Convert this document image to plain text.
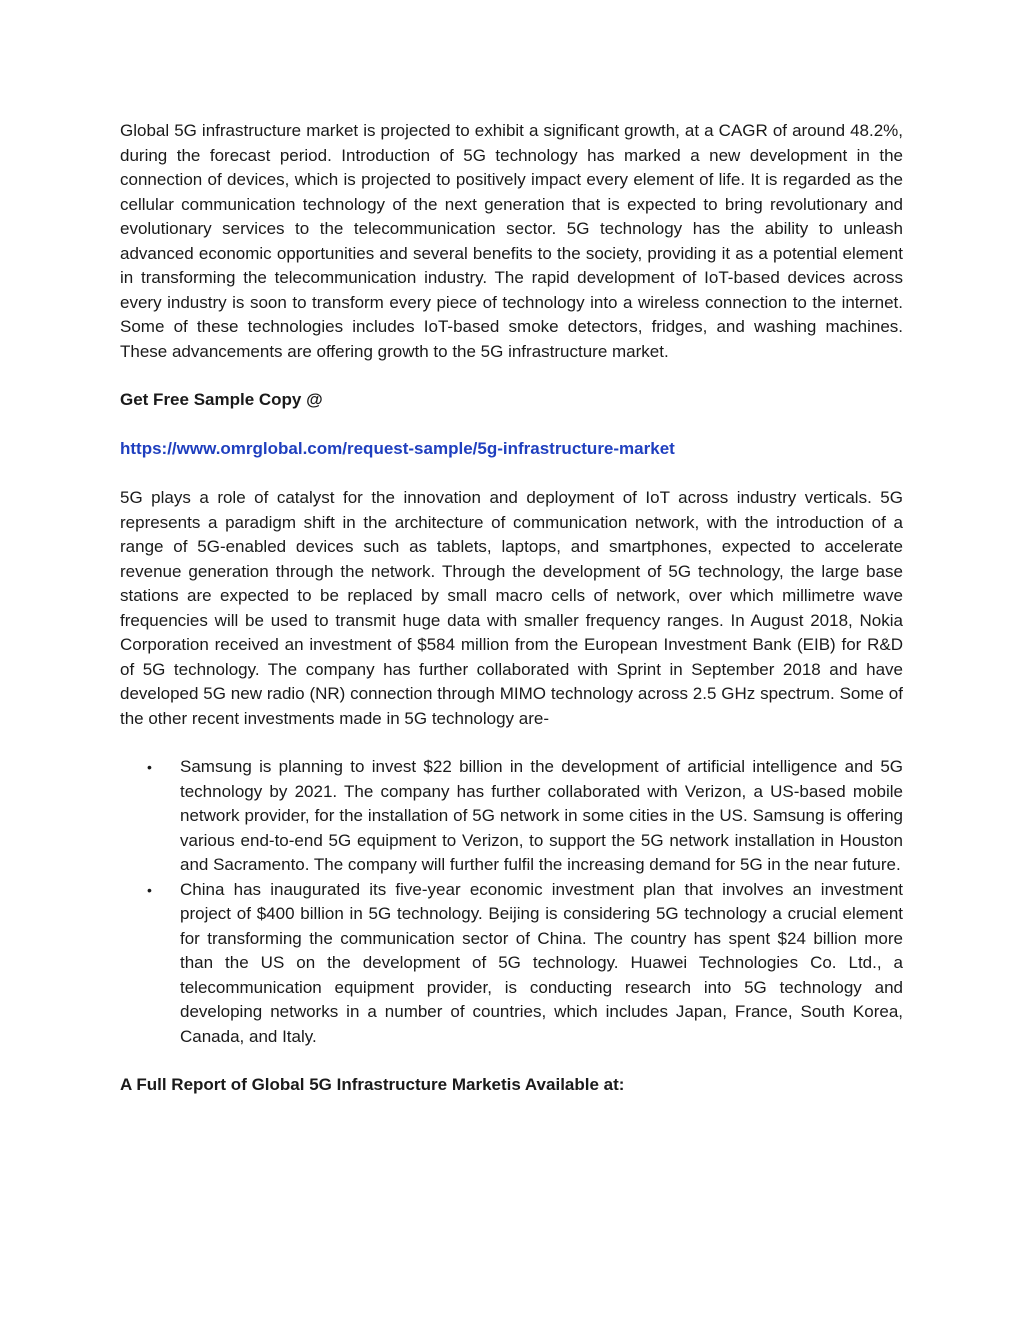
Global 5G infrastructure market is projected to exhibit a significant growth, at a CAGR of around 48.2%, during the forecast period. Introduction of 5G technology has marked a new development in the connection of devices, which is projected to positively impact every element of life. It is regarded as the cellular communication technology of the next generation that is expected to bring revolutionary and evolutionary services to the telecommunication sector. 5G technology has the ability to unleash advanced economic opportunities and several benefits to the society, providing it as a potential element in transforming the telecommunication industry. The rapid development of IoT-based devices across every industry is soon to transform every piece of technology into a wireless connection to the internet. Some of these technologies includes IoT-based smoke detectors, fridges, and washing machines. These advancements are offering growth to the 5G infrastructure market.

Get Free Sample Copy @

https://www.omrglobal.com/request-sample/5g-infrastructure-market

5G plays a role of catalyst for the innovation and deployment of IoT across industry verticals. 5G represents a paradigm shift in the architecture of communication network, with the introduction of a range of 5G-enabled devices such as tablets, laptops, and smartphones, expected to accelerate revenue generation through the network. Through the development of 5G technology, the large base stations are expected to be replaced by small macro cells of network, over which millimetre wave frequencies will be used to transmit huge data with smaller frequency ranges. In August 2018, Nokia Corporation received an investment of $584 million from the European Investment Bank (EIB) for R&D of 5G technology. The company has further collaborated with Sprint in September 2018 and have developed 5G new radio (NR) connection through MIMO technology across 2.5 GHz spectrum. Some of the other recent investments made in 5G technology are-

• Samsung is planning to invest $22 billion in the development of artificial intelligence and 5G technology by 2021. The company has further collaborated with Verizon, a US-based mobile network provider, for the installation of 5G network in some cities in the US. Samsung is offering various end-to-end 5G equipment to Verizon, to support the 5G network installation in Houston and Sacramento. The company will further fulfil the increasing demand for 5G in the near future.
• China has inaugurated its five-year economic investment plan that involves an investment project of $400 billion in 5G technology. Beijing is considering 5G technology a crucial element for transforming the communication sector of China. The country has spent $24 billion more than the US on the development of 5G technology. Huawei Technologies Co. Ltd., a telecommunication equipment provider, is conducting research into 5G technology and developing networks in a number of countries, which includes Japan, France, South Korea, Canada, and Italy.

A Full Report of Global 5G Infrastructure Marketis Available at:
